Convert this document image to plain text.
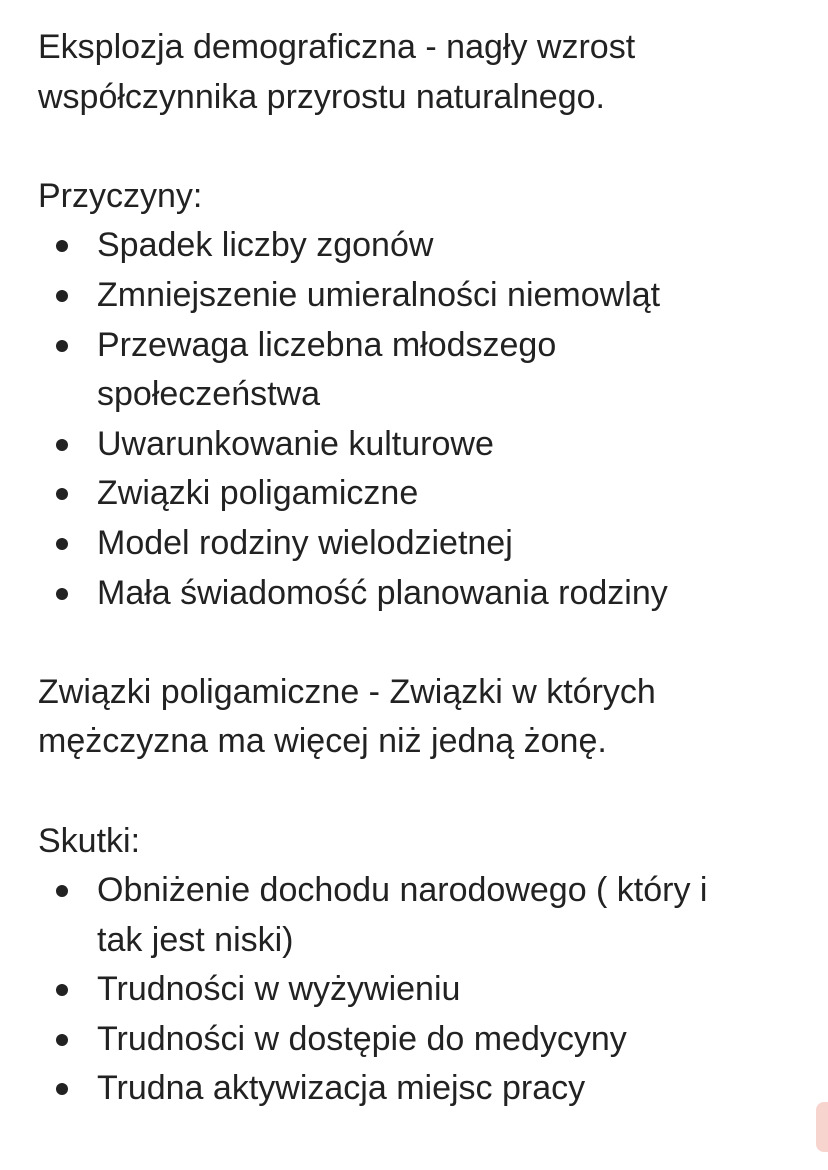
Eksplozja demograficzna - nagły wzrost
współczynnika przyrostu naturalnego.
Przyczyny:
Spadek liczby zgonów
Zmniejszenie umieralności niemowląt
Przewaga liczebna młodszego
społeczeństwa
Uwarunkowanie kulturowe
Związki poligamiczne
Model rodziny wielodzietnej
Mała świadomość planowania rodziny
Związki poligamiczne - Związki w których
mężczyzna ma więcej niż jedną żonę.
Skutki:
Obniżenie dochodu narodowego ( który i
tak jest niski)
Trudności w wyżywieniu
Trudności w dostępie do medycyny
Trudna aktywizacja miejsc pracy
